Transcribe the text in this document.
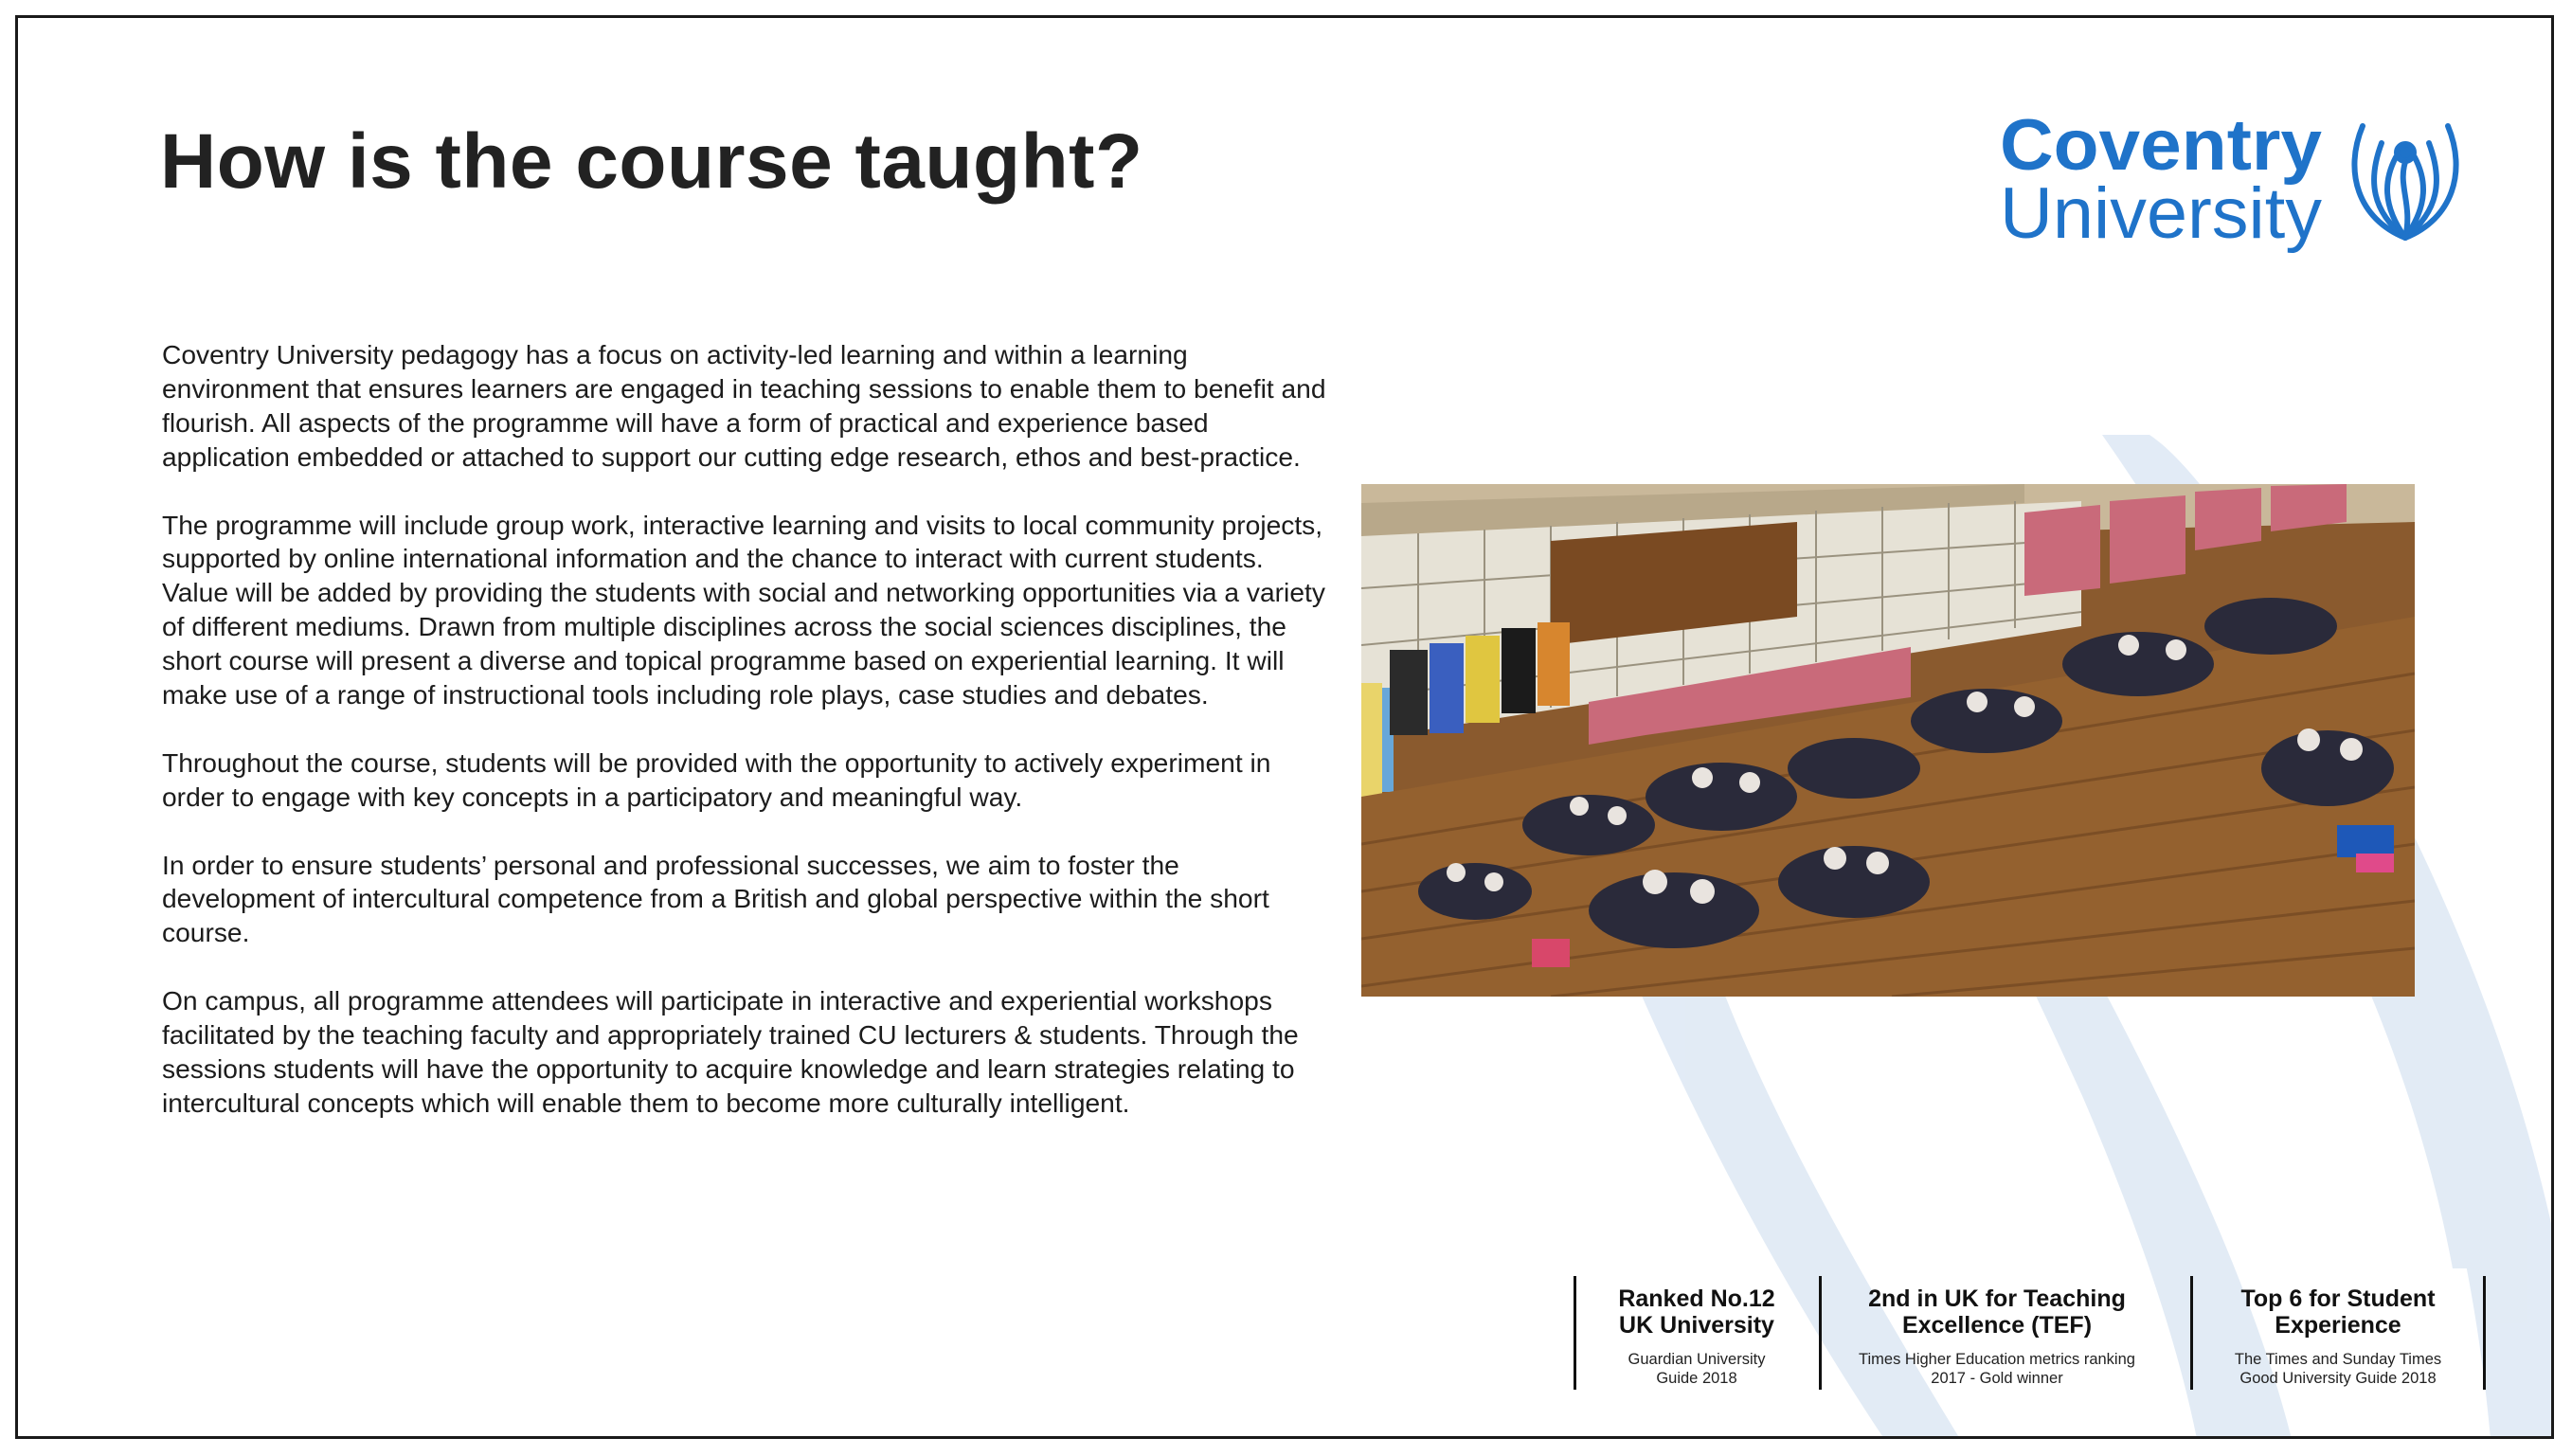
How is the course taught?	Coventry
University

Coventry University pedagogy has a focus on activity-led learning and within a learning environment that ensures learners are engaged in teaching sessions to enable them to benefit and flourish. All aspects of the programme will have a form of practical and experience based application embedded or attached to support our cutting edge research, ethos and best-practice.

The programme will include group work, interactive learning and visits to local community projects, supported by online international information and the chance to interact with current students. Value will be added by providing the students with social and networking opportunities via a variety of different mediums. Drawn from multiple disciplines across the social sciences disciplines, the short course will present a diverse and topical programme based on experiential learning. It will make use of a range of instructional tools including role plays, case studies and debates.

Throughout the course, students will be provided with the opportunity to actively experiment in order to engage with key concepts in a participatory and meaningful way.

In order to ensure students’ personal and professional successes, we aim to foster the development of intercultural competence from a British and global perspective within the short course.

On campus, all programme attendees will participate in interactive and experiential workshops facilitated by the teaching faculty and appropriately trained CU lecturers & students. Through the sessions students will have the opportunity to acquire knowledge and learn strategies relating to intercultural concepts which will enable them to become more culturally intelligent.

Ranked No.12
UK University
Guardian University
Guide 2018
2nd in UK for Teaching
Excellence (TEF)
Times Higher Education metrics ranking
2017 - Gold winner
Top 6 for Student
Experience
The Times and Sunday Times
Good University Guide 2018
